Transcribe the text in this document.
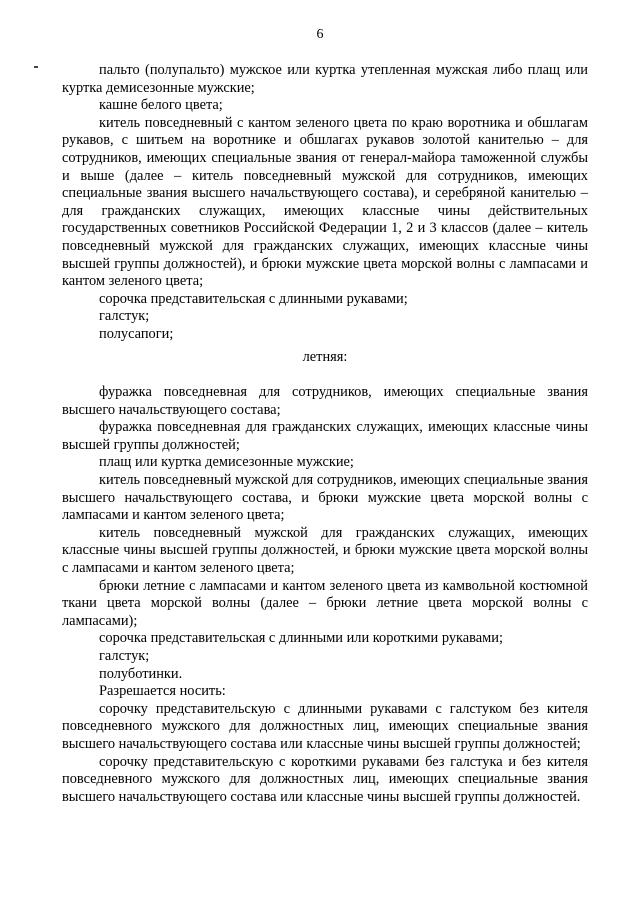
6

пальто (полупальто) мужское или куртка утепленная мужская либо плащ или куртка демисезонные мужские;

кашне белого цвета;

китель повседневный с кантом зеленого цвета по краю воротника и обшлагам рукавов, с шитьем на воротнике и обшлагах рукавов золотой канителью – для сотрудников, имеющих специальные звания от генерал-майора таможенной службы и выше (далее – китель повседневный мужской для сотрудников, имеющих специальные звания высшего начальствующего состава), и серебряной канителью – для гражданских служащих, имеющих классные чины действительных государственных советников Российской Федерации 1, 2 и 3 классов (далее – китель повседневный мужской для гражданских служащих, имеющих классные чины высшей группы должностей), и брюки мужские цвета морской волны с лампасами и кантом зеленого цвета;

сорочка представительская с длинными рукавами;

галстук;

полусапоги;

летняя:

фуражка повседневная для сотрудников, имеющих специальные звания высшего начальствующего состава;

фуражка повседневная для гражданских служащих, имеющих классные чины высшей группы должностей;

плащ или куртка демисезонные мужские;

китель повседневный мужской для сотрудников, имеющих специальные звания высшего начальствующего состава, и брюки мужские цвета морской волны с лампасами и кантом зеленого цвета;

китель повседневный мужской для гражданских служащих, имеющих классные чины высшей группы должностей, и брюки мужские цвета морской волны с лампасами и кантом зеленого цвета;

брюки летние с лампасами и кантом зеленого цвета из камвольной костюмной ткани цвета морской волны (далее – брюки летние цвета морской волны с лампасами);

сорочка представительская с длинными или короткими рукавами;

галстук;

полуботинки.

Разрешается носить:

сорочку представительскую с длинными рукавами с галстуком без кителя повседневного мужского для должностных лиц, имеющих специальные звания высшего начальствующего состава или классные чины высшей группы должностей;

сорочку представительскую с короткими рукавами без галстука и без кителя повседневного мужского для должностных лиц, имеющих специальные звания высшего начальствующего состава или классные чины высшей группы должностей.
